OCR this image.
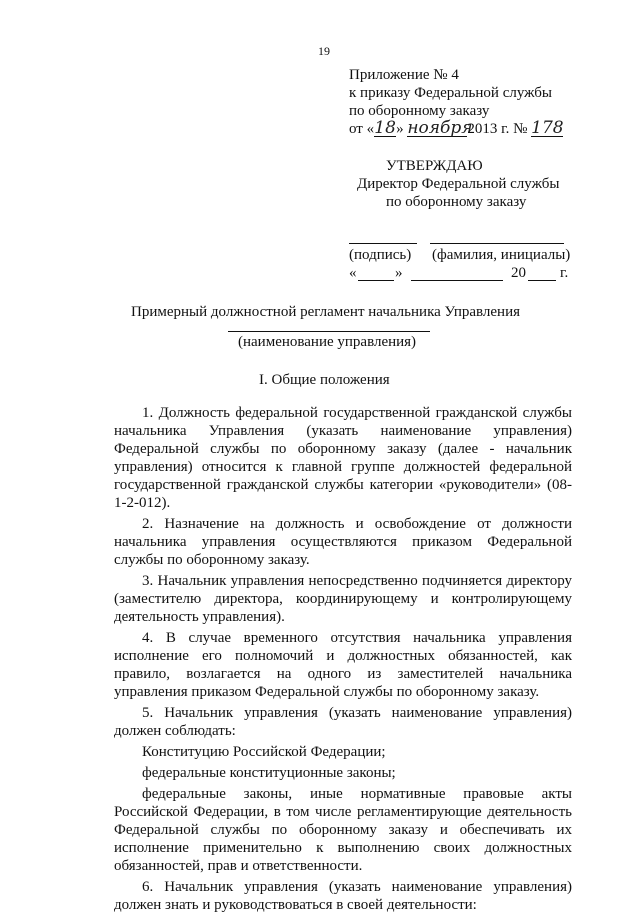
19
Приложение № 4
к приказу Федеральной службы
по оборонному заказу
от «18» ноября2013 г. № 178
УТВЕРЖДАЮ
Директор Федеральной службы
по оборонному заказу
(подпись) (фамилия, инициалы)
«	»	20 г.
Примерный должностной регламент начальника Управления
(наименование управления)
I. Общие положения

1. Должность федеральной государственной гражданской службы начальника Управления (указать наименование управления) Федеральной службы по оборонному заказу (далее - начальник управления) относится к главной группе должностей федеральной государственной гражданской службы категории «руководители» (08-1-2-012).

2. Назначение на должность и освобождение от должности начальника управления осуществляются приказом Федеральной службы по оборонному заказу.

3. Начальник управления непосредственно подчиняется директору (заместителю директора, координирующему и контролирующему деятельность управления).

4. В случае временного отсутствия начальника управления исполнение его полномочий и должностных обязанностей, как правило, возлагается на одного из заместителей начальника управления приказом Федеральной службы по оборонному заказу.

5. Начальник управления (указать наименование управления) должен соблюдать:

Конституцию Российской Федерации;

федеральные конституционные законы;

федеральные законы, иные нормативные правовые акты Российской Федерации, в том числе регламентирующие деятельность Федеральной службы по оборонному заказу и обеспечивать их исполнение применительно к выполнению своих должностных обязанностей, прав и ответственности.

6. Начальник управления (указать наименование управления) должен знать и руководствоваться в своей деятельности:
